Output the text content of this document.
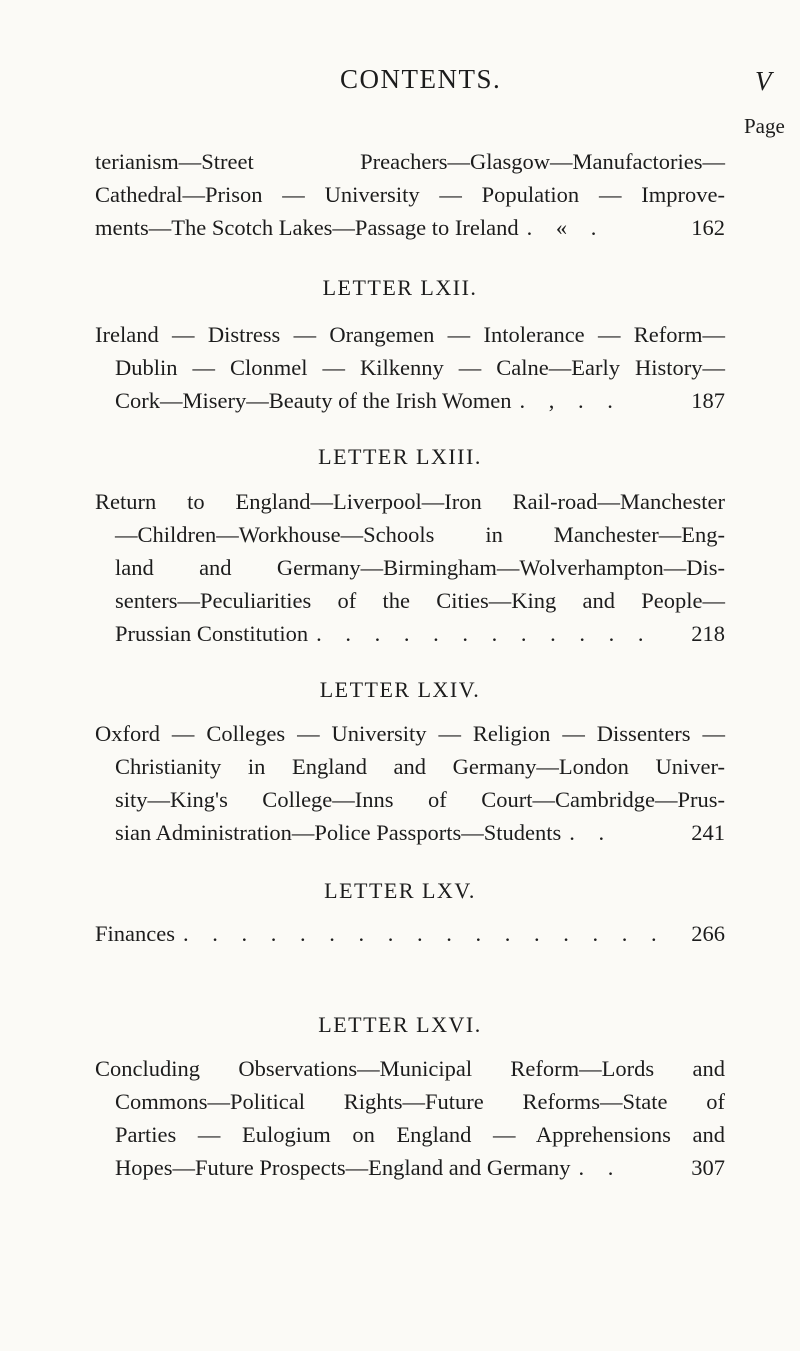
CONTENTS.	V
Page

terianism—Street Preachers—Glasgow—Manufactories—

Cathedral—Prison — University — Population — Improve-

ments—The Scotch Lakes—Passage to Ireland . « .	162

LETTER LXII.

Ireland — Distress — Orangemen — Intolerance — Reform—

Dublin — Clonmel — Kilkenny — Calne—Early History—

Cork—Misery—Beauty of the Irish Women . , . .	187

LETTER LXIII.

Return to England—Liverpool—Iron Rail-road—Manchester

—Children—Workhouse—Schools in Manchester—Eng-

land and Germany—Birmingham—Wolverhampton—Dis-

senters—Peculiarities of the Cities—King and People—

Prussian Constitution . . . . . . . . . . . .	218

LETTER LXIV.

Oxford — Colleges — University — Religion — Dissenters —

Christianity in England and Germany—London Univer-

sity—King's College—Inns of Court—Cambridge—Prus-

sian Administration—Police Passports—Students . .	241

LETTER LXV.

Finances . . . . . . . . . . . . . . . . .	266

LETTER LXVI.

Concluding Observations—Municipal Reform—Lords and

Commons—Political Rights—Future Reforms—State of

Parties — Eulogium on England — Apprehensions and

Hopes—Future Prospects—England and Germany . .	307
